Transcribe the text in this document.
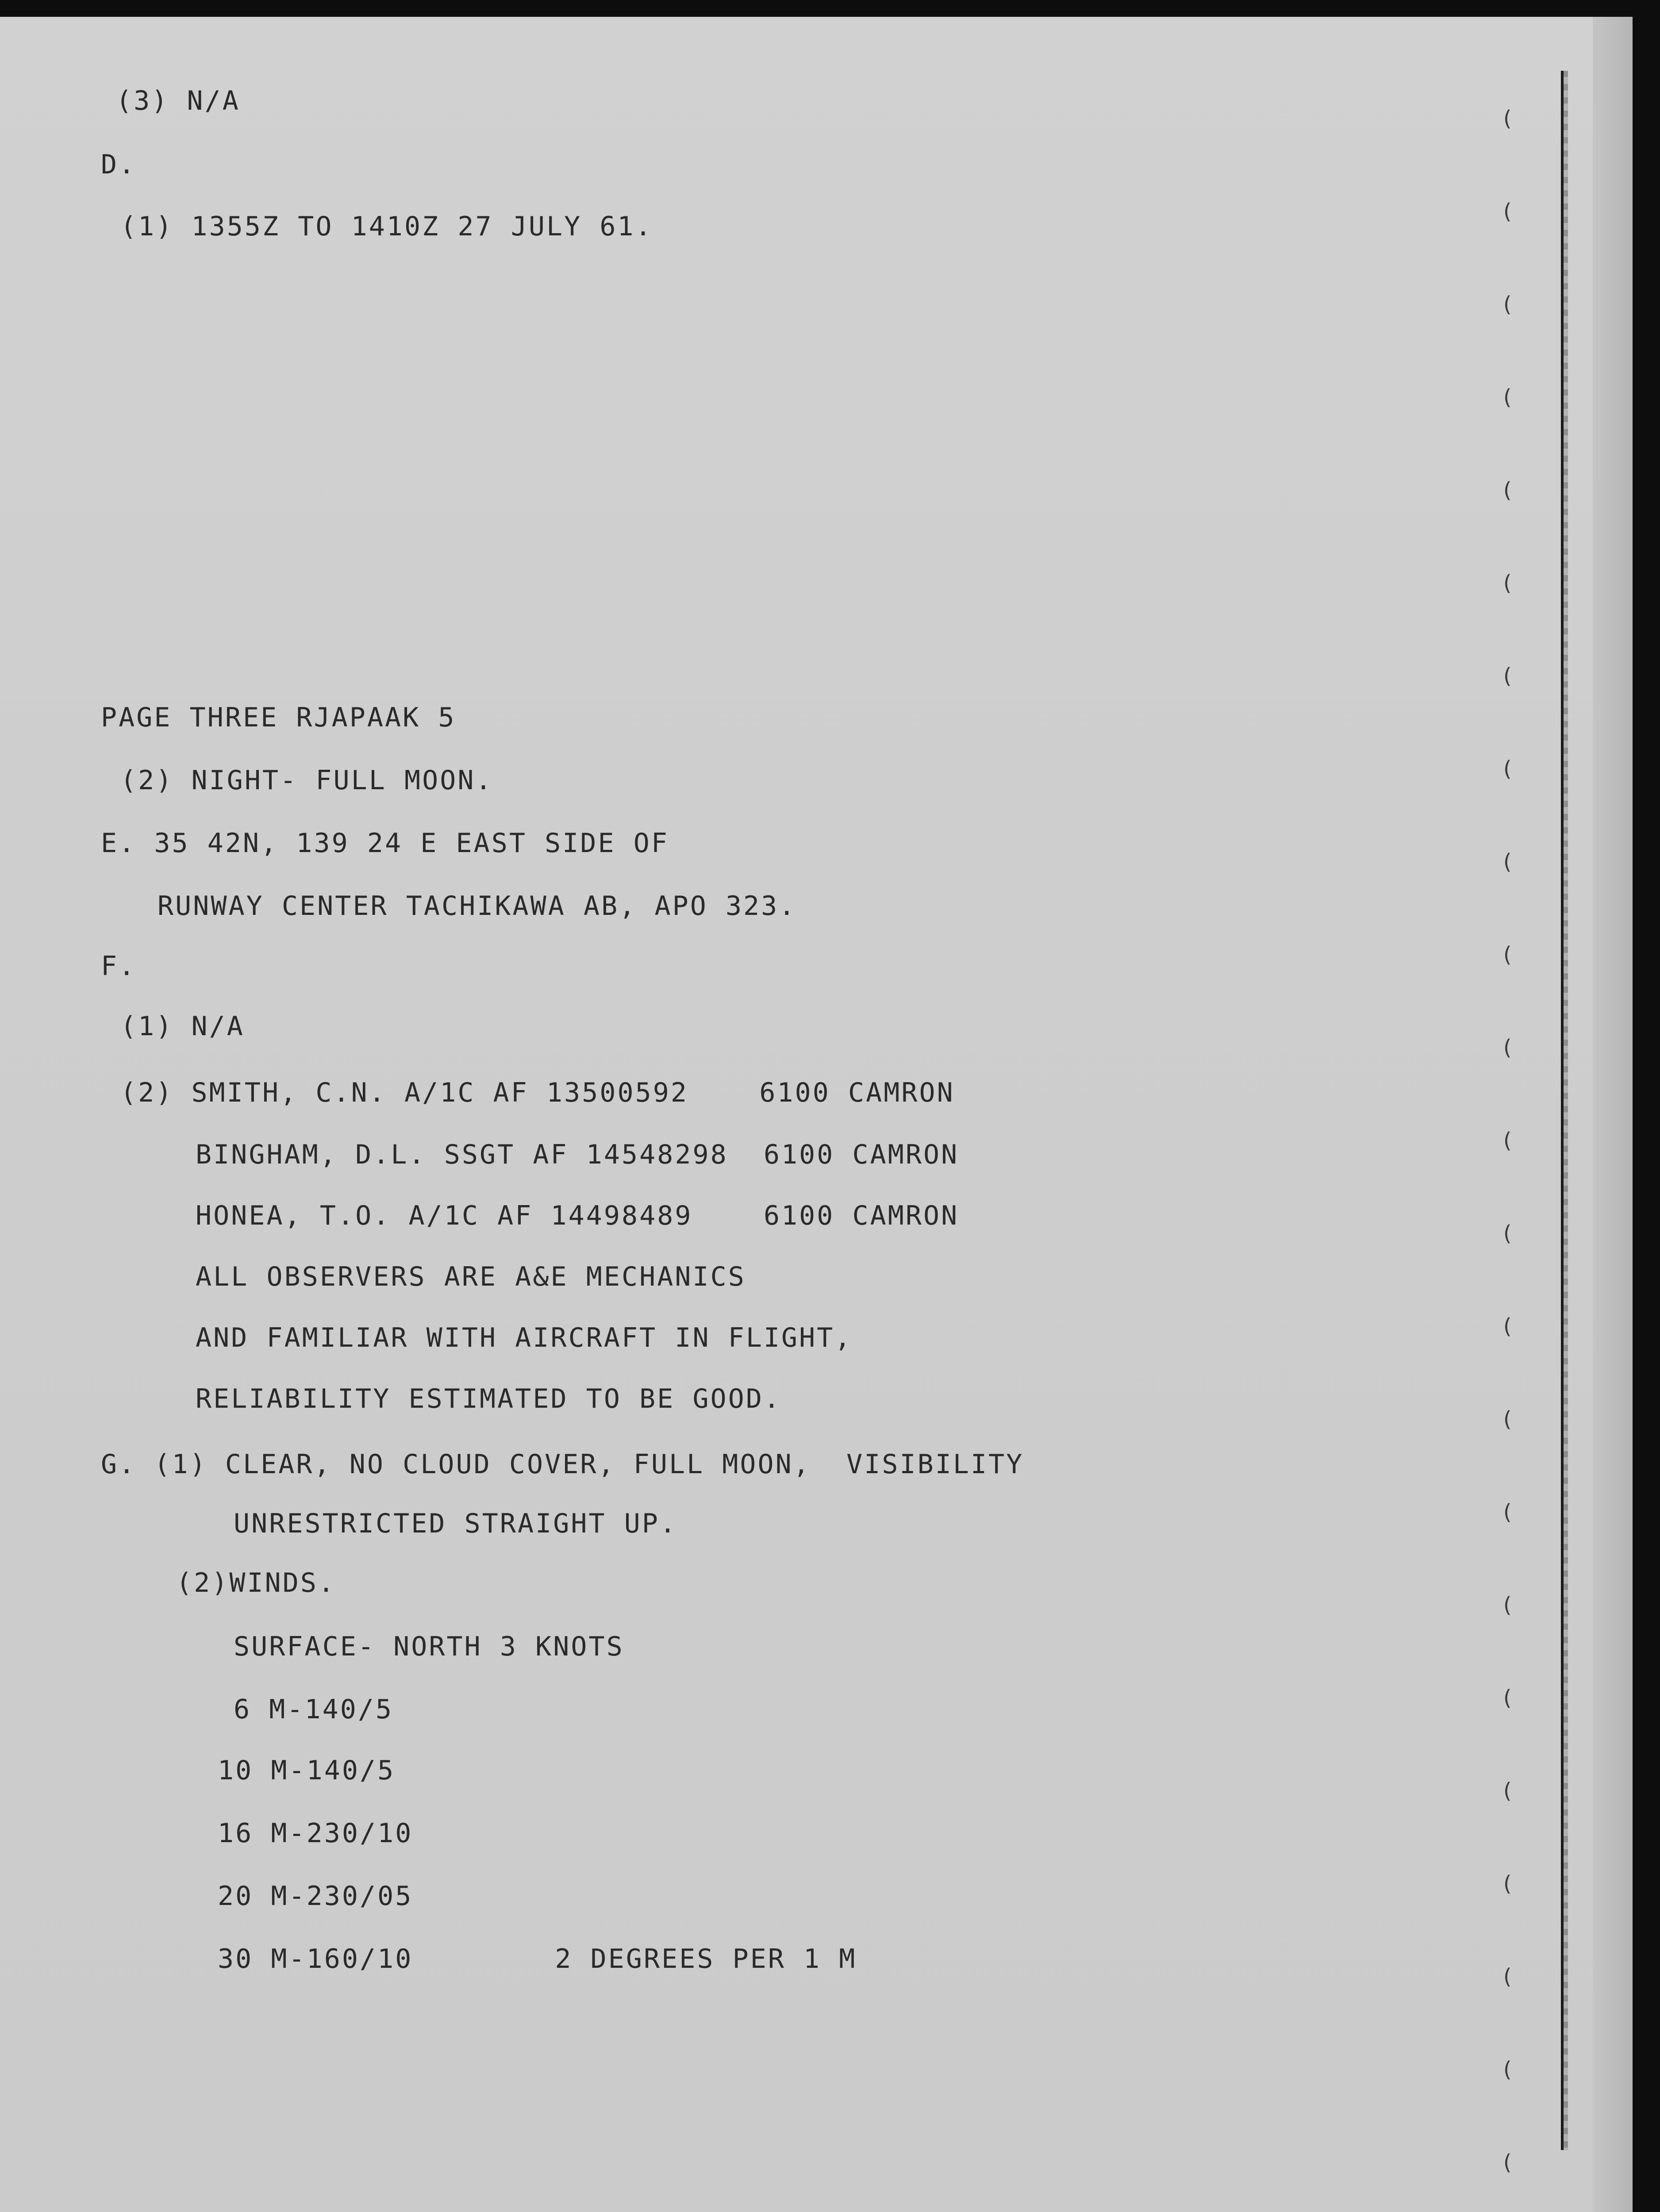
(3) N/A
D.
(1) 1355Z TO 1410Z 27 JULY 61.
PAGE THREE RJAPAAK 5
(2) NIGHT- FULL MOON.
E. 35 42N, 139 24 E EAST SIDE OF
RUNWAY CENTER TACHIKAWA AB, APO 323.
F.
(1) N/A
(2) SMITH, C.N. A/1C AF 13500592    6100 CAMRON
BINGHAM, D.L. SSGT AF 14548298  6100 CAMRON
HONEA, T.O. A/1C AF 14498489    6100 CAMRON
ALL OBSERVERS ARE A&E MECHANICS
AND FAMILIAR WITH AIRCRAFT IN FLIGHT,
RELIABILITY ESTIMATED TO BE GOOD.
G. (1) CLEAR, NO CLOUD COVER, FULL MOON,  VISIBILITY
UNRESTRICTED STRAIGHT UP.
(2)WINDS.
SURFACE- NORTH 3 KNOTS
6 M-140/5
10 M-140/5
16 M-230/10
20 M-230/05
30 M-160/10        2 DEGREES PER 1 M
(
(
(
(
(
(
(
(
(
(
(
(
(
(
(
(
(
(
(
(
(
(
(
